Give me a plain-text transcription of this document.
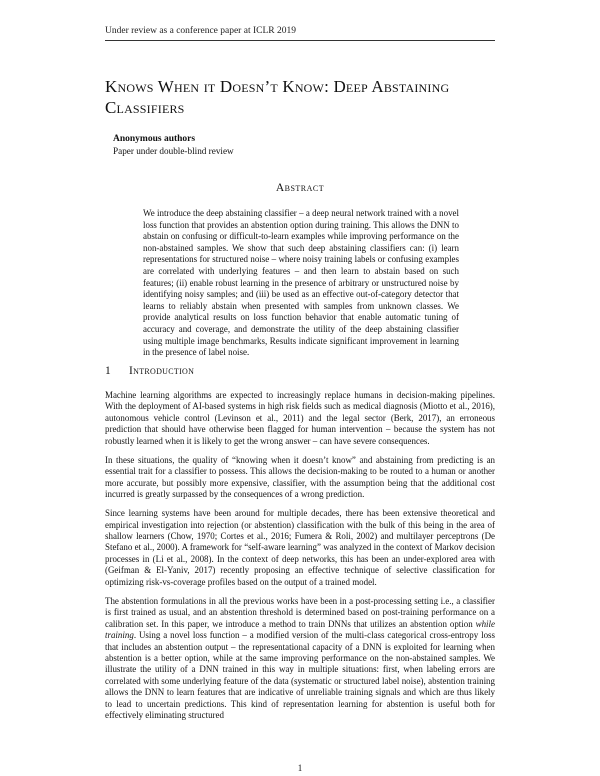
Under review as a conference paper at ICLR 2019
Knows When it Doesn’t Know: Deep Abstaining Classifiers
Anonymous authors
Paper under double-blind review
Abstract
We introduce the deep abstaining classifier – a deep neural network trained with a novel loss function that provides an abstention option during training. This allows the DNN to abstain on confusing or difficult-to-learn examples while improving performance on the non-abstained samples. We show that such deep abstaining classifiers can: (i) learn representations for structured noise – where noisy training labels or confusing examples are correlated with underlying features – and then learn to abstain based on such features; (ii) enable robust learning in the presence of arbitrary or unstructured noise by identifying noisy samples; and (iii) be used as an effective out-of-category detector that learns to reliably abstain when presented with samples from unknown classes. We provide analytical results on loss function behavior that enable automatic tuning of accuracy and coverage, and demonstrate the utility of the deep abstaining classifier using multiple image benchmarks, Results indicate significant improvement in learning in the presence of label noise.
1 Introduction

Machine learning algorithms are expected to increasingly replace humans in decision-making pipelines. With the deployment of AI-based systems in high risk fields such as medical diagnosis (Miotto et al., 2016), autonomous vehicle control (Levinson et al., 2011) and the legal sector (Berk, 2017), an erroneous prediction that should have otherwise been flagged for human intervention – because the system has not robustly learned when it is likely to get the wrong answer – can have severe consequences.

In these situations, the quality of “knowing when it doesn’t know” and abstaining from predicting is an essential trait for a classifier to possess. This allows the decision-making to be routed to a human or another more accurate, but possibly more expensive, classifier, with the assumption being that the additional cost incurred is greatly surpassed by the consequences of a wrong prediction.

Since learning systems have been around for multiple decades, there has been extensive theoretical and empirical investigation into rejection (or abstention) classification with the bulk of this being in the area of shallow learners (Chow, 1970; Cortes et al., 2016; Fumera & Roli, 2002) and multilayer perceptrons (De Stefano et al., 2000). A framework for “self-aware learning” was analyzed in the context of Markov decision processes in (Li et al., 2008). In the context of deep networks, this has been an under-explored area with (Geifman & El-Yaniv, 2017) recently proposing an effective technique of selective classification for optimizing risk-vs-coverage profiles based on the output of a trained model.

The abstention formulations in all the previous works have been in a post-processing setting i.e., a classifier is first trained as usual, and an abstention threshold is determined based on post-training performance on a calibration set. In this paper, we introduce a method to train DNNs that utilizes an abstention option while training. Using a novel loss function – a modified version of the multi-class categorical cross-entropy loss that includes an abstention output – the representational capacity of a DNN is exploited for learning when abstention is a better option, while at the same improving performance on the non-abstained samples. We illustrate the utility of a DNN trained in this way in multiple situations: first, when labeling errors are correlated with some underlying feature of the data (systematic or structured label noise), abstention training allows the DNN to learn features that are indicative of unreliable training signals and which are thus likely to lead to uncertain predictions. This kind of representation learning for abstention is useful both for effectively eliminating structured

1
